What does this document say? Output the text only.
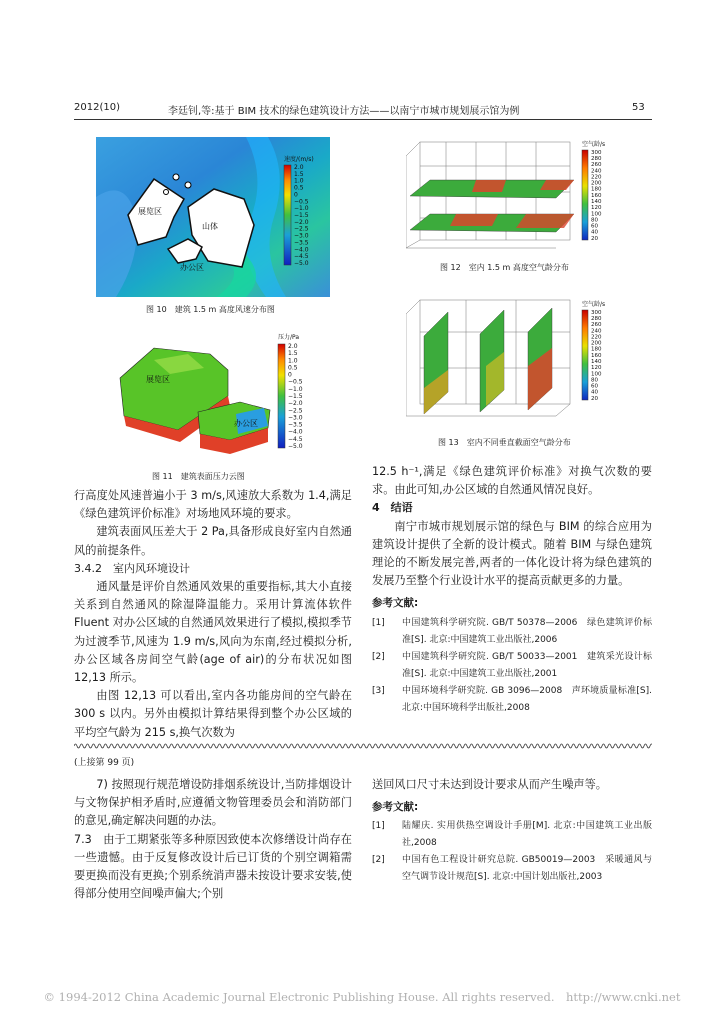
2012(10)	李廷钊,等:基于 BIM 技术的绿色建筑设计方法——以南宁市城市规划展示馆为例	53
展览区
山体
办公区
速度/(m/s)
2.0
1.5
1.0
0.5
0
−0.5
−1.0
−1.5
−2.0
−2.5
−3.0
−3.5
−4.0
−4.5
−5.0
图 10　建筑 1.5 m 高度风速分布图
展览区
办公区
压力/Pa
2.0
1.5
1.0
0.5
0
−0.5
−1.0
−1.5
−2.0
−2.5
−3.0
−3.5
−4.0
−4.5
−5.0
图 11　建筑表面压力云图
空气龄/s
300
280
260
240
220
200
180
160
140
120
100
80
60
40
20
图 12　室内 1.5 m 高度空气龄分布
空气龄/s
300
280
260
240
220
200
180
160
140
120
100
80
60
40
20
图 13　室内不同垂直截面空气龄分布

行高度处风速普遍小于 3 m/s,风速放大系数为 1.4,满足《绿色建筑评价标准》对场地风环境的要求。

建筑表面风压差大于 2 Pa,具备形成良好室内自然通风的前提条件。

3.4.2　室内风环境设计

通风量是评价自然通风效果的重要指标,其大小直接关系到自然通风的除湿降温能力。采用计算流体软件 Fluent 对办公区域的自然通风效果进行了模拟,模拟季节为过渡季节,风速为 1.9 m/s,风向为东南,经过模拟分析,办公区域各房间空气龄(age of air)的分布状况如图 12,13 所示。

由图 12,13 可以看出,室内各功能房间的空气龄在 300 s 以内。另外由模拟计算结果得到整个办公区域的平均空气龄为 215 s,换气次数为

12.5 h⁻¹,满足《绿色建筑评价标准》对换气次数的要求。由此可知,办公区域的自然通风情况良好。

4　结语

南宁市城市规划展示馆的绿色与 BIM 的综合应用为建筑设计提供了全新的设计模式。随着 BIM 与绿色建筑理论的不断发展完善,两者的一体化设计将为绿色建筑的发展乃至整个行业设计水平的提高贡献更多的力量。

参考文献:
[1] 中国建筑科学研究院. GB/T 50378—2006　绿色建筑评价标准[S]. 北京:中国建筑工业出版社,2006
[2] 中国建筑科学研究院. GB/T 50033—2001　建筑采光设计标准[S]. 北京:中国建筑工业出版社,2001
[3] 中国环境科学研究院. GB 3096—2008　声环境质量标准[S]. 北京:中国环境科学出版社,2008
(上接第 99 页)

7) 按照现行规范增设防排烟系统设计,当防排烟设计与文物保护相矛盾时,应遵循文物管理委员会和消防部门的意见,确定解决问题的办法。

7.3　由于工期紧张等多种原因致使本次修缮设计尚存在一些遗憾。由于反复修改设计后已订货的个别空调箱需要更换而没有更换;个别系统消声器未按设计要求安装,使得部分使用空间噪声偏大;个别

送回风口尺寸未达到设计要求从而产生噪声等。

参考文献:
[1] 陆耀庆. 实用供热空调设计手册[M]. 北京:中国建筑工业出版社,2008
[2] 中国有色工程设计研究总院. GB50019—2003　采暖通风与空气调节设计规范[S]. 北京:中国计划出版社,2003
© 1994-2012 China Academic Journal Electronic Publishing House. All rights reserved.　http://www.cnki.net
